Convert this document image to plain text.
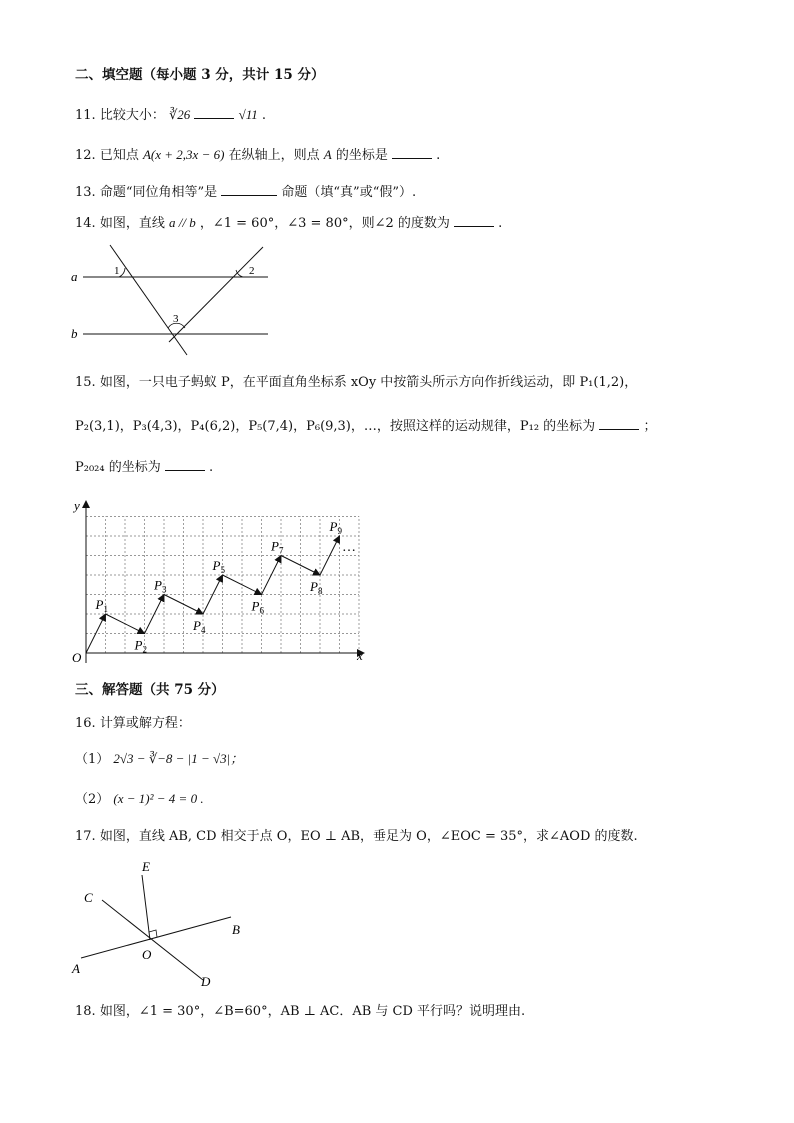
二、填空题（每小题 3 分，共计 15 分）
11. 比较大小： ∛26	√11 .
12. 已知点 A(x + 2,3x − 6) 在纵轴上，则点 A 的坐标是	.
13. 命题“同位角相等”是	命题（填“真”或“假”）.
14. 如图，直线 a // b ，∠1 = 60°，∠3 = 80°，则∠2 的度数为	.
a
b
1	2
3
15. 如图，一只电子蚂蚁 P，在平面直角坐标系 xOy 中按箭头所示方向作折线运动，即 P₁(1,2)，
P₂(3,1)，P₃(4,3)，P₄(6,2)，P₅(7,4)，P₆(9,3)，…，按照这样的运动规律，P₁₂ 的坐标为	；
P₂₀₂₄ 的坐标为	.
x
y
O
$P_1$
$P_2$
$P_3$
$P_4$
$P_5$
$P_6$
$P_7$
$P_8$
$P_9$
…
三、解答题（共 75 分）
16. 计算或解方程：
（1） 2√3 − ∛−8 − |1 − √3|；
（2） (x − 1)² − 4 = 0 .
17. 如图，直线 AB, CD 相交于点 O，EO ⊥ AB，垂足为 O，∠EOC = 35°，求∠AOD 的度数.
E
C
B
O
A
D
18. 如图，∠1 = 30°，∠B=60°，AB ⊥ AC．AB 与 CD 平行吗？说明理由.
